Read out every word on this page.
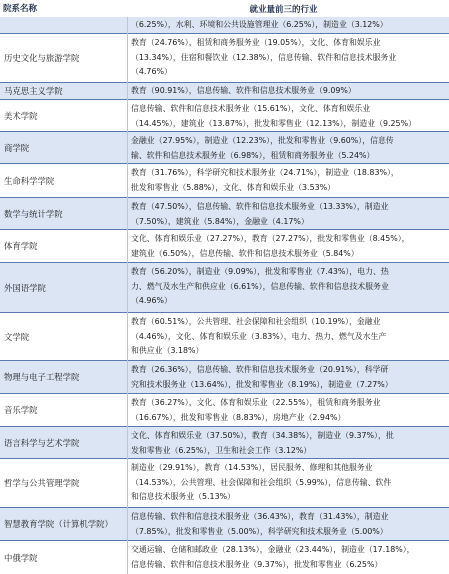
院系名称	就业量前三的行业
（6.25%），水利、环境和公共设施管理业（6.25%），制造业（3.12%）
历史文化与旅游学院
教育（24.76%），租赁和商务服务业（19.05%），文化、体育和娱乐业
（13.34%），住宿和餐饮业（12.38%），信息传输、软件和信息技术服务业
（4.76%）
马克思主义学院	教育（90.91%），信息传输、软件和信息技术服务业（9.09%）
美术学院
信息传输、软件和信息技术服务业（15.61%），文化、体育和娱乐业
（14.45%），建筑业（13.87%），批发和零售业（12.13%），制造业（9.25%）
商学院
金融业（27.95%），制造业（12.23%），批发和零售业（9.60%），信息传
输、软件和信息技术服务业（6.98%），租赁和商务服务业（5.24%）
生命科学学院
教育（31.76%），科学研究和技术服务业（24.71%），制造业（18.83%），
批发和零售业（5.88%），文化、体育和娱乐业（3.53%）
数学与统计学院
教育（47.50%），信息传输、软件和信息技术服务业（13.33%），制造业
（7.50%），建筑业（5.84%），金融业（4.17%）
体育学院
文化、体育和娱乐业（27.27%），教育（27.27%），批发和零售业（8.45%），
建筑业（6.50%），信息传输、软件和信息技术服务业（5.84%）
外国语学院
教育（56.20%），制造业（9.09%），批发和零售业（7.43%），电力、热
力、燃气及水生产和供应业（6.61%），信息传输、软件和信息技术服务业
（4.96%）
文学院
教育（60.51%），公共管理、社会保障和社会组织（10.19%），金融业
（4.46%），文化、体育和娱乐业（3.83%），电力、热力、燃气及水生产
和供应业（3.18%）
物理与电子工程学院
教育（26.36%），信息传输、软件和信息技术服务业（20.91%），科学研
究和技术服务业（13.64%），批发和零售业（8.19%），制造业（7.27%）
音乐学院
教育（36.27%），文化、体育和娱乐业（22.55%），租赁和商务服务业
（16.67%），批发和零售业（8.83%），房地产业（2.94%）
语言科学与艺术学院
文化、体育和娱乐业（37.50%），教育（34.38%），制造业（9.37%），批
发和零售业（6.25%），卫生和社会工作（3.12%）
哲学与公共管理学院
制造业（29.91%），教育（14.53%），居民服务、修理和其他服务业
（14.53%），公共管理、社会保障和社会组织（5.99%），信息传输、软件
和信息技术服务业（5.13%）
智慧教育学院（计算机学院）
信息传输、软件和信息技术服务业（36.43%），教育（31.43%），制造业
（7.85%），批发和零售业（5.00%），科学研究和技术服务业（5.00%）
中俄学院
交通运输、仓储和邮政业（28.13%），金融业（23.44%），制造业（17.18%），
信息传输、软件和信息技术服务业（9.37%），批发和零售业（6.25%）
